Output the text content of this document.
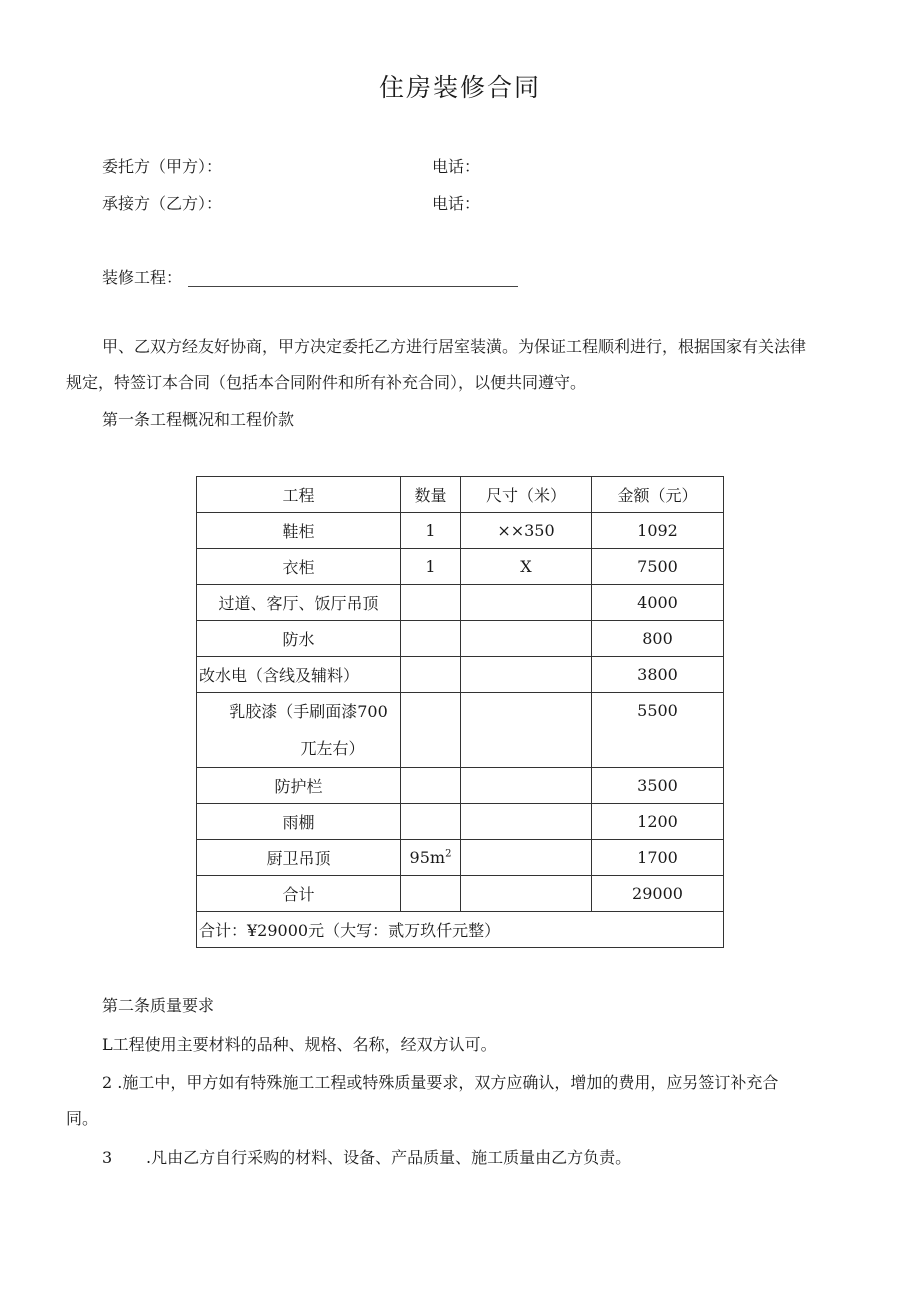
住房装修合同
委托方（甲方）：	电话：
承接方（乙方）：	电话：
装修工程：
甲、乙双方经友好协商，甲方决定委托乙方进行居室装潢。为保证工程顺利进行，根据国家有关法律
规定，特签订本合同（包括本合同附件和所有补充合同），以便共同遵守。
第一条工程概况和工程价款
工程	数量	尺寸（米）	金额（元）
鞋柜	1	××350	1092
衣柜	1	X	7500
过道、客厅、饭厅吊顶			4000
防水			800
改水电（含线及辅料）			3800

乳胶漆（手刷面漆700
兀左右）			5500
防护栏			3500
雨棚			1200
厨卫吊顶	$95m^2$		1700
合计			29000
合计：¥29000元（大写：贰万玖仟元整）			
第二条质量要求
L工程使用主要材料的品种、规格、名称，经双方认可。
2 .施工中，甲方如有特殊施工工程或特殊质量要求，双方应确认，增加的费用，应另签订补充合
同。
3 .凡由乙方自行采购的材料、设备、产品质量、施工质量由乙方负责。
